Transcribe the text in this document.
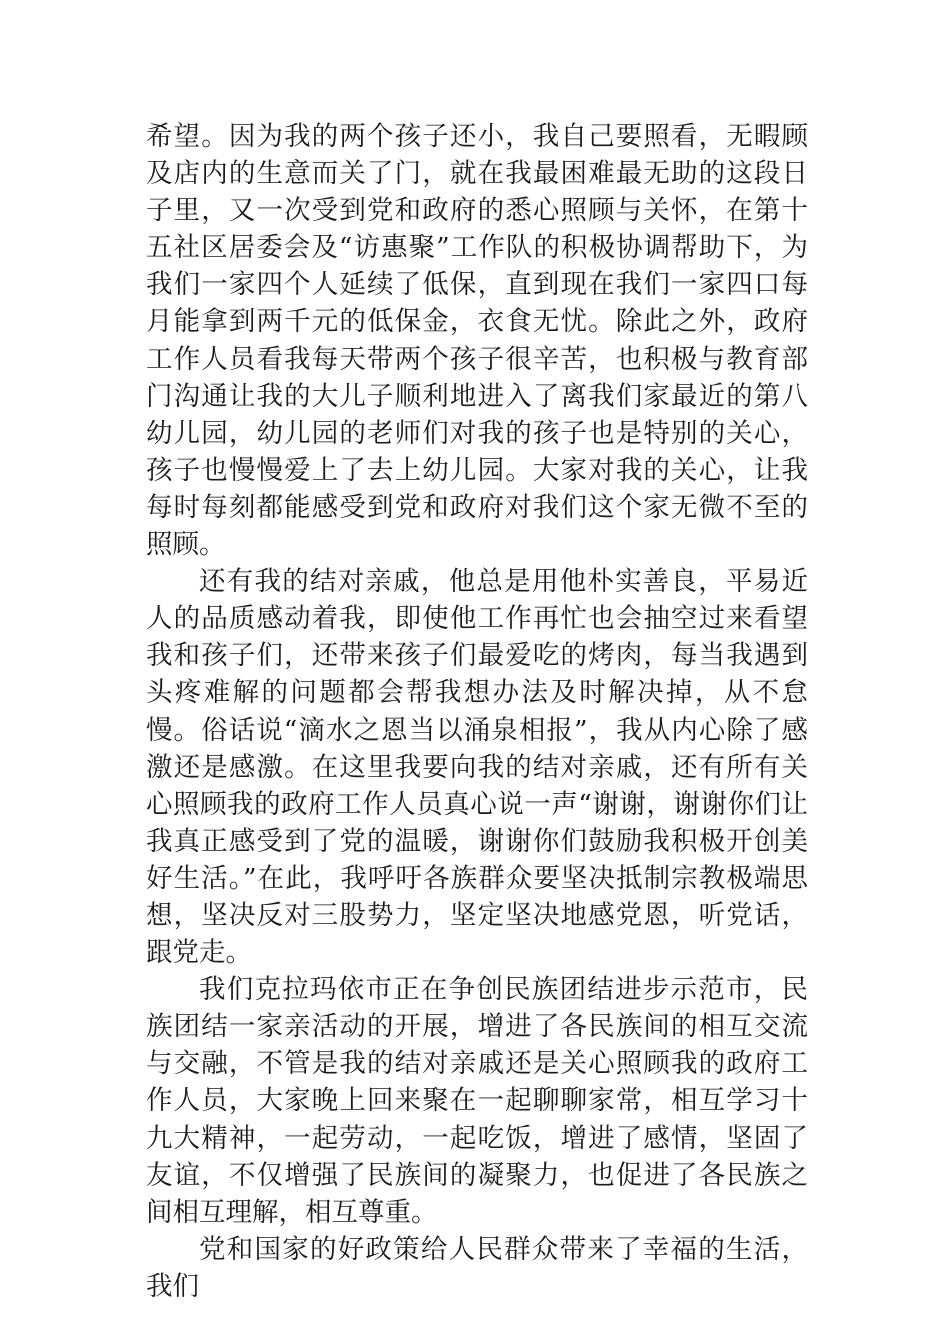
希望。因为我的两个孩子还小，我自己要照看，无暇顾及店内的生意而关了门，就在我最困难最无助的这段日子里，又一次受到党和政府的悉心照顾与关怀，在第十五社区居委会及“访惠聚”工作队的积极协调帮助下，为我们一家四个人延续了低保，直到现在我们一家四口每月能拿到两千元的低保金，衣食无忧。除此之外，政府工作人员看我每天带两个孩子很辛苦，也积极与教育部门沟通让我的大儿子顺利地进入了离我们家最近的第八幼儿园，幼儿园的老师们对我的孩子也是特别的关心，孩子也慢慢爱上了去上幼儿园。大家对我的关心，让我每时每刻都能感受到党和政府对我们这个家无微不至的照顾。

还有我的结对亲戚，他总是用他朴实善良，平易近人的品质感动着我，即使他工作再忙也会抽空过来看望我和孩子们，还带来孩子们最爱吃的烤肉，每当我遇到头疼难解的问题都会帮我想办法及时解决掉，从不怠慢。俗话说“滴水之恩当以涌泉相报”，我从内心除了感激还是感激。在这里我要向我的结对亲戚，还有所有关心照顾我的政府工作人员真心说一声“谢谢，谢谢你们让我真正感受到了党的温暖，谢谢你们鼓励我积极开创美好生活。”在此，我呼吁各族群众要坚决抵制宗教极端思想，坚决反对三股势力，坚定坚决地感党恩，听党话，跟党走。

我们克拉玛依市正在争创民族团结进步示范市，民族团结一家亲活动的开展，增进了各民族间的相互交流与交融，不管是我的结对亲戚还是关心照顾我的政府工作人员，大家晚上回来聚在一起聊聊家常，相互学习十九大精神，一起劳动，一起吃饭，增进了感情，坚固了友谊，不仅增强了民族间的凝聚力，也促进了各民族之间相互理解，相互尊重。

党和国家的好政策给人民群众带来了幸福的生活，我们
